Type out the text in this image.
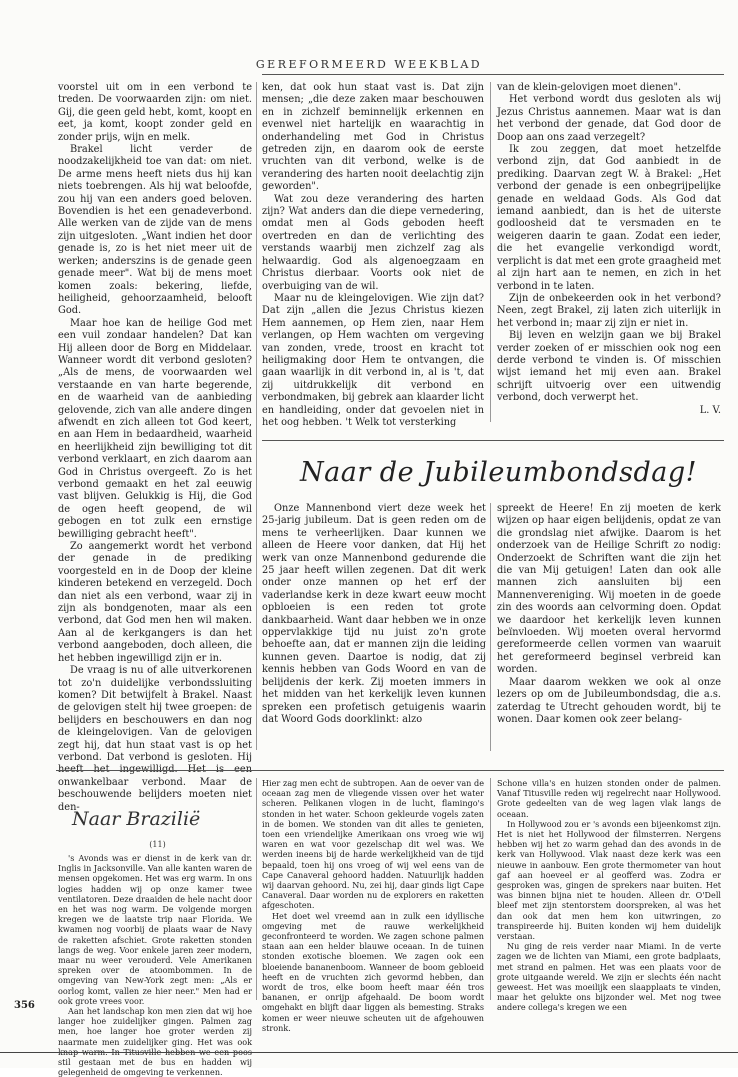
GEREFORMEERD WEEKBLAD

voorstel uit om in een verbond te treden. De voorwaarden zijn: om niet. Gij, die geen geld hebt, komt, koopt en eet, ja komt, koopt zonder geld en zonder prijs, wijn en melk.

Brakel licht verder de noodzakelijkheid toe van dat: om niet. De arme mens heeft niets dus hij kan niets toebrengen. Als hij wat beloofde, zou hij van een anders goed beloven. Bovendien is het een genadeverbond. Alle werken van de zijde van de mens zijn uitgesloten. „Want indien het door genade is, zo is het niet meer uit de werken; anderszins is de genade geen genade meer". Wat bij de mens moet komen zoals: bekering, liefde, heiligheid, gehoorzaamheid, belooft God.

Maar hoe kan de heilige God met een vuil zondaar handelen? Dat kan Hij alleen door de Borg en Middelaar. Wanneer wordt dit verbond gesloten? „Als de mens, de voorwaarden wel verstaande en van harte begerende, en de waarheid van de aanbieding gelovende, zich van alle andere dingen afwendt en zich alleen tot God keert, en aan Hem in bedaardheid, waarheid en heerlijkheid zijn bewilliging tot dit verbond verklaart, en zich daarom aan God in Christus overgeeft. Zo is het verbond gemaakt en het zal eeuwig vast blijven. Gelukkig is Hij, die God de ogen heeft geopend, de wil gebogen en tot zulk een ernstige bewilliging gebracht heeft".

Zo aangemerkt wordt het verbond der genade in de prediking voorgesteld en in de Doop der kleine kinderen betekend en verzegeld. Doch dan niet als een verbond, waar zij in zijn als bondgenoten, maar als een verbond, dat God men hen wil maken. Aan al de kerkgangers is dan het verbond aangeboden, doch alleen, die het hebben ingewilligd zijn er in.

De vraag is nu of alle uitverkorenen tot zo'n duidelijke verbondssluiting komen? Dit betwijfelt à Brakel. Naast de gelovigen stelt hij twee groepen: de belijders en beschouwers en dan nog de kleingelovigen. Van de gelovigen zegt hij, dat hun staat vast is op het verbond. Dat verbond is gesloten. Hij heeft het ingewilligd. Het is een onwankelbaar verbond. Maar de beschouwende belijders moeten niet den-

ken, dat ook hun staat vast is. Dat zijn mensen; „die deze zaken maar beschouwen en in zichzelf beminnelijk erkennen en evenwel niet hartelijk en waarachtig in onderhandeling met God in Christus getreden zijn, en daarom ook de eerste vruchten van dit verbond, welke is de verandering des harten nooit deelachtig zijn geworden".

Wat zou deze verandering des harten zijn? Wat anders dan die diepe vernedering, omdat men al Gods geboden heeft overtreden en dan de verlichting des verstands waarbij men zichzelf zag als helwaardig. God als algenoegzaam en Christus dierbaar. Voorts ook niet de overbuiging van de wil.

Maar nu de kleingelovigen. Wie zijn dat? Dat zijn „allen die Jezus Christus kiezen Hem aannemen, op Hem zien, naar Hem verlangen, op Hem wachten om vergeving van zonden, vrede, troost en kracht tot heiligmaking door Hem te ontvangen, die gaan waarlijk in dit verbond in, al is 't, dat zij uitdrukkelijk dit verbond en verbondmaken, bij gebrek aan klaarder licht en handleiding, onder dat gevoelen niet in het oog hebben. 't Welk tot versterking

van de klein-gelovigen moet dienen".

Het verbond wordt dus gesloten als wij Jezus Christus aannemen. Maar wat is dan het verbond der genade, dat God door de Doop aan ons zaad verzegelt?

Ik zou zeggen, dat moet hetzelfde verbond zijn, dat God aanbiedt in de prediking. Daarvan zegt W. à Brakel: „Het verbond der genade is een onbegrijpelijke genade en weldaad Gods. Als God dat iemand aanbiedt, dan is het de uiterste godloosheid dat te versmaden en te weigeren daarin te gaan. Zodat een ieder, die het evangelie verkondigd wordt, verplicht is dat met een grote graagheid met al zijn hart aan te nemen, en zich in het verbond in te laten.

Zijn de onbekeerden ook in het verbond? Neen, zegt Brakel, zij laten zich uiterlijk in het verbond in; maar zij zijn er niet in.

Bij leven en welzijn gaan we bij Brakel verder zoeken of er misschien ook nog een derde verbond te vinden is. Of misschien wijst iemand het mij even aan. Brakel schrijft uitvoerig over een uitwendig verbond, doch verwerpt het.

L. V.

Naar de Jubileumbondsdag!

Onze Mannenbond viert deze week het 25-jarig jubileum. Dat is geen reden om de mens te verheerlijken. Daar kunnen we alleen de Heere voor danken, dat Hij het werk van onze Mannenbond gedurende die 25 jaar heeft willen zegenen. Dat dit werk onder onze mannen op het erf der vaderlandse kerk in deze kwart eeuw mocht opbloeien is een reden tot grote dankbaarheid. Want daar hebben we in onze oppervlakkige tijd nu juist zo'n grote behoefte aan, dat er mannen zijn die leiding kunnen geven. Daartoe is nodig, dat zij kennis hebben van Gods Woord en van de belijdenis der kerk. Zij moeten immers in het midden van het kerkelijk leven kunnen spreken een profetisch getuigenis waarin dat Woord Gods doorklinkt: alzo

spreekt de Heere! En zij moeten de kerk wijzen op haar eigen belijdenis, opdat ze van die grondslag niet afwijke. Daarom is het onderzoek van de Heilige Schrift zo nodig: Onderzoekt de Schriften want die zijn het die van Mij getuigen! Laten dan ook alle mannen zich aansluiten bij een Mannenvereniging. Wij moeten in de goede zin des woords aan celvorming doen. Opdat we daardoor het kerkelijk leven kunnen beïnvloeden. Wij moeten overal hervormd gereformeerde cellen vormen van waaruit het gereformeerd beginsel verbreid kan worden.

Maar daarom wekken we ook al onze lezers op om de Jubileumbondsdag, die a.s. zaterdag te Utrecht gehouden wordt, bij te wonen. Daar komen ook zeer belang-

Naar Brazilië
(11)

's Avonds was er dienst in de kerk van dr. Inglis in Jacksonville. Van alle kanten waren de mensen opgekomen. Het was erg warm. In ons logies hadden wij op onze kamer twee ventilatoren. Deze draaiden de hele nacht door en het was nog warm. De volgende morgen kregen we de laatste trip naar Florida. We kwamen nog voorbij de plaats waar de Navy de raketten afschiet. Grote raketten stonden langs de weg. Voor enkele jaren zeer modern, maar nu weer verouderd. Vele Amerikanen spreken over de atoombommen. In de omgeving van New-York zegt men: „Als er oorlog komt, vallen ze hier neer." Men had er ook grote vrees voor.

Aan het landschap kon men zien dat wij hoe langer hoe zuidelijker gingen. Palmen zag men, hoe langer hoe groter werden zij naarmate men zuidelijker ging. Het was ook knap warm. In Titusville hebben we een poos stil gestaan met de bus en hadden wij gelegenheid de omgeving te verkennen.

Hier zag men echt de subtropen. Aan de oever van de oceaan zag men de vliegende vissen over het water scheren. Pelikanen vlogen in de lucht, flamingo's stonden in het water. Schoon gekleurde vogels zaten in de bomen. We stonden van dit alles te genieten, toen een vriendelijke Amerikaan ons vroeg wie wij waren en wat voor gezelschap dit wel was. We werden ineens bij de harde werkelijkheid van de tijd bepaald, toen hij ons vroeg of wij wel eens van de Cape Canaveral gehoord hadden. Natuurlijk hadden wij daarvan gehoord. Nu, zei hij, daar ginds ligt Cape Canaveral. Daar worden nu de explorers en raketten afgeschoten.

Het doet wel vreemd aan in zulk een idyllische omgeving met de rauwe werkelijkheid geconfronteerd te worden. We zagen schone palmen staan aan een helder blauwe oceaan. In de tuinen stonden exotische bloemen. We zagen ook een bloeiende bananenboom. Wanneer de boom gebloeid heeft en de vruchten zich gevormd hebben, dan wordt de tros, elke boom heeft maar één tros bananen, er onrijp afgehaald. De boom wordt omgehakt en blijft daar liggen als bemesting. Straks komen er weer nieuwe scheuten uit de afgehouwen stronk.

Schone villa's en huizen stonden onder de palmen. Vanaf Titusville reden wij regelrecht naar Hollywood. Grote gedeelten van de weg lagen vlak langs de oceaan.

In Hollywood zou er 's avonds een bijeenkomst zijn. Het is niet het Hollywood der filmsterren. Nergens hebben wij het zo warm gehad dan des avonds in de kerk van Hollywood. Vlak naast deze kerk was een nieuwe in aanbouw. Een grote thermometer van hout gaf aan hoeveel er al geofferd was. Zodra er gesproken was, gingen de sprekers naar buiten. Het was binnen bijna niet te houden. Alleen dr. O'Dell bleef met zijn stentorstem doorspreken, al was het dan ook dat men hem kon uitwringen, zo transpireerde hij. Buiten konden wij hem duidelijk verstaan.

Nu ging de reis verder naar Miami. In de verte zagen we de lichten van Miami, een grote badplaats, met strand en palmen. Het was een plaats voor de grote uitgaande wereld. We zijn er slechts één nacht geweest. Het was moeilijk een slaapplaats te vinden, maar het gelukte ons bijzonder wel. Met nog twee andere collega's kregen we een

356
